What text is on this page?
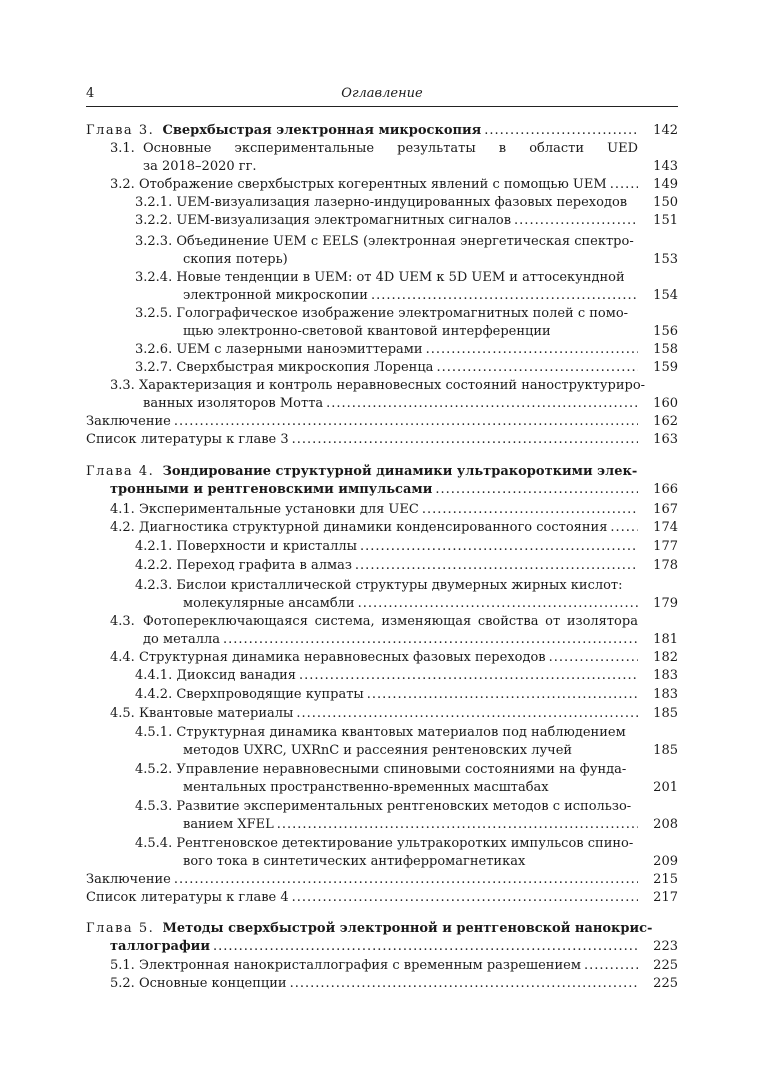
4	Оглавление
Глава 3. Сверхбыстрая электронная микроскопия .....	142
3.1. Основные экспериментальные результаты в области UED
за 2018–2020 гг.	143
3.2. Отображение сверхбыстрых когерентных явлений с помощью UEM .....	149
3.2.1. UEM-визуализация лазерно-индуцированных фазовых переходов	150
3.2.2. UEM-визуализация электромагнитных сигналов .....	151
3.2.3. Объединение UEM с EELS (электронная энергетическая спектро-
скопия потерь)	153
3.2.4. Новые тенденции в UEM: от 4D UEM к 5D UEM и аттосекундной
электронной микроскопии .....	154
3.2.5. Голографическое изображение электромагнитных полей с помо-
щью электронно-световой квантовой интерференции	156
3.2.6. UEM с лазерными наноэмиттерами .....	158
3.2.7. Сверхбыстрая микроскопия Лоренца .....	159
3.3. Характеризация и контроль неравновесных состояний наноструктуриро-
ванных изоляторов Мотта .....	160
Заключение .....	162
Список литературы к главе 3 .....	163
Глава 4. Зондирование структурной динамики ультракороткими элек-
тронными и рентгеновскими импульсами .....	166
4.1. Экспериментальные установки для UEC .....	167
4.2. Диагностика структурной динамики конденсированного состояния .....	174
4.2.1. Поверхности и кристаллы .....	177
4.2.2. Переход графита в алмаз .....	178
4.2.3. Бислои кристаллической структуры двумерных жирных кислот:
молекулярные ансамбли .....	179
4.3. Фотопереключающаяся система, изменяющая свойства от изолятора
до металла .....	181
4.4. Структурная динамика неравновесных фазовых переходов .....	182
4.4.1. Диоксид ванадия .....	183
4.4.2. Сверхпроводящие купраты .....	183
4.5. Квантовые материалы .....	185
4.5.1. Структурная динамика квантовых материалов под наблюдением
методов UXRC, UXRnC и рассеяния рентеновских лучей	185
4.5.2. Управление неравновесными спиновыми состояниями на фунда-
ментальных пространственно-временных масштабах	201
4.5.3. Развитие экспериментальных рентгеновских методов с использо-
ванием XFEL .....	208
4.5.4. Рентгеновское детектирование ультракоротких импульсов спино-
вого тока в синтетических антиферромагнетиках	209
Заключение .....	215
Список литературы к главе 4 .....	217
Глава 5. Методы сверхбыстрой электронной и рентгеновской нанокрис-
таллографии .....	223
5.1. Электронная нанокристаллография с временным разрешением .....	225
5.2. Основные концепции .....	225
